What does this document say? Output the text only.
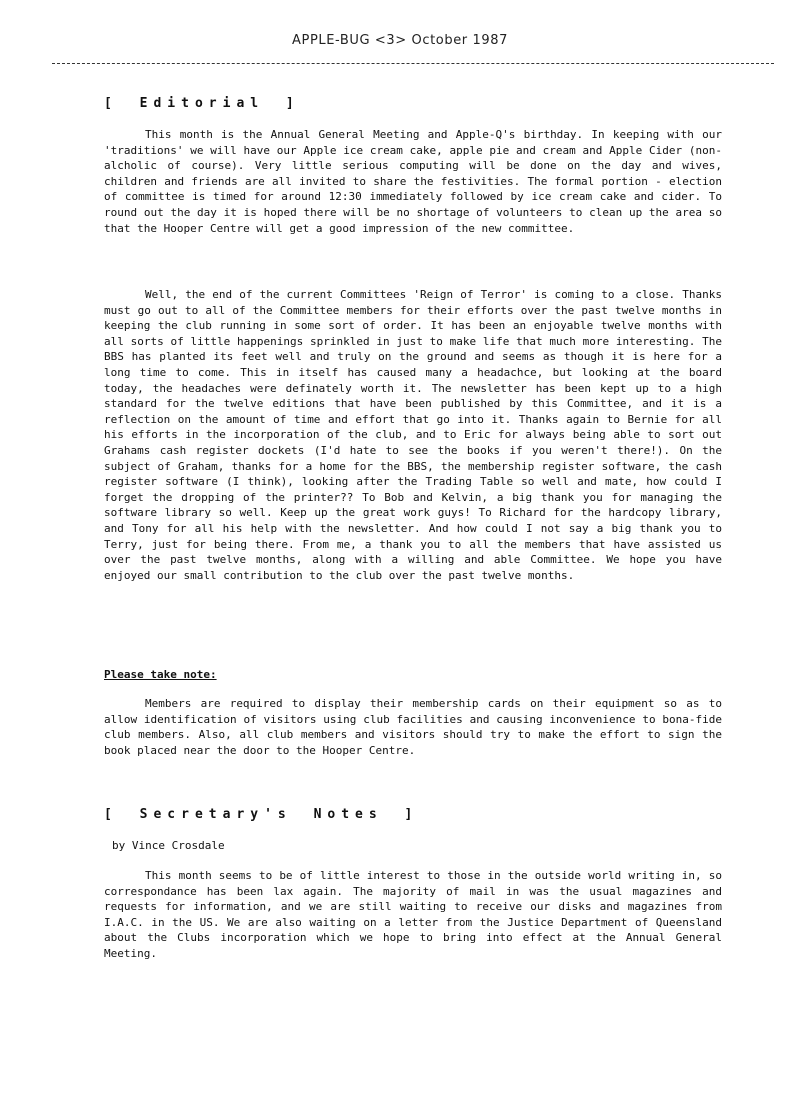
APPLE-BUG <3> October 1987
[ Editorial ]

This month is the Annual General Meeting and Apple-Q's birthday. In keeping with our 'traditions' we will have our Apple ice cream cake, apple pie and cream and Apple Cider (non-alcholic of course). Very little serious computing will be done on the day and wives, children and friends are all invited to share the festivities. The formal portion - election of committee is timed for around 12:30 immediately followed by ice cream cake and cider. To round out the day it is hoped there will be no shortage of volunteers to clean up the area so that the Hooper Centre will get a good impression of the new committee.

Well, the end of the current Committees 'Reign of Terror' is coming to a close. Thanks must go out to all of the Committee members for their efforts over the past twelve months in keeping the club running in some sort of order. It has been an enjoyable twelve months with all sorts of little happenings sprinkled in just to make life that much more interesting. The BBS has planted its feet well and truly on the ground and seems as though it is here for a long time to come. This in itself has caused many a headachce, but looking at the board today, the headaches were definately worth it. The newsletter has been kept up to a high standard for the twelve editions that have been published by this Committee, and it is a reflection on the amount of time and effort that go into it. Thanks again to Bernie for all his efforts in the incorporation of the club, and to Eric for always being able to sort out Grahams cash register dockets (I'd hate to see the books if you weren't there!). On the subject of Graham, thanks for a home for the BBS, the membership register software, the cash register software (I think), looking after the Trading Table so well and mate, how could I forget the dropping of the printer?? To Bob and Kelvin, a big thank you for managing the software library so well. Keep up the great work guys! To Richard for the hardcopy library, and Tony for all his help with the newsletter. And how could I not say a big thank you to Terry, just for being there. From me, a thank you to all the members that have assisted us over the past twelve months, along with a willing and able Committee. We hope you have enjoyed our small contribution to the club over the past twelve months.

Please take note:

Members are required to display their membership cards on their equipment so as to allow identification of visitors using club facilities and causing inconvenience to bona-fide club members. Also, all club members and visitors should try to make the effort to sign the book placed near the door to the Hooper Centre.

[ Secretary's Notes ]
by Vince Crosdale

This month seems to be of little interest to those in the outside world writing in, so correspondance has been lax again. The majority of mail in was the usual magazines and requests for information, and we are still waiting to receive our disks and magazines from I.A.C. in the US. We are also waiting on a letter from the Justice Department of Queensland about the Clubs incorporation which we hope to bring into effect at the Annual General Meeting.
